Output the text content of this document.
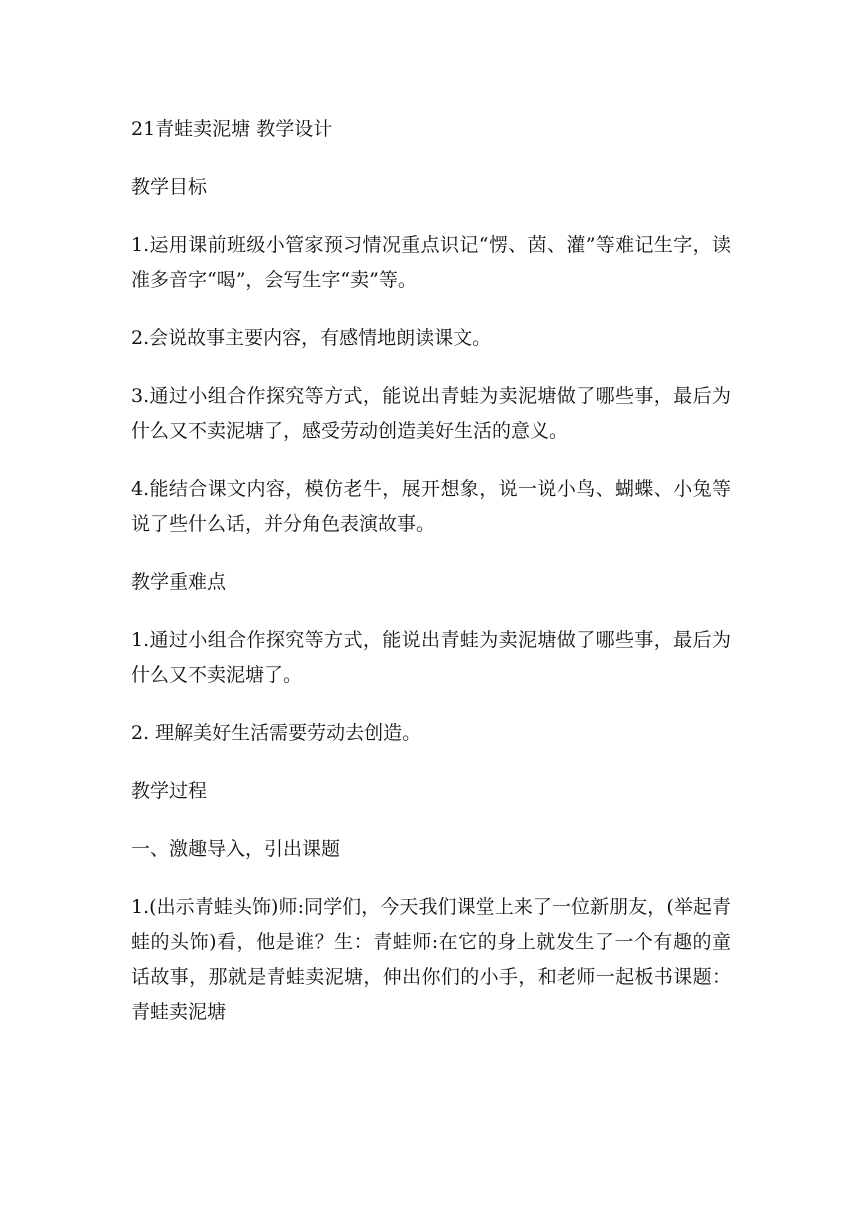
21青蛙卖泥塘 教学设计

教学目标

1.运用课前班级小管家预习情况重点识记“愣、茵、灌”等难记生字，读准多音字“喝”，会写生字“卖”等。

2.会说故事主要内容，有感情地朗读课文。

3.通过小组合作探究等方式，能说出青蛙为卖泥塘做了哪些事，最后为什么又不卖泥塘了，感受劳动创造美好生活的意义。

4.能结合课文内容，模仿老牛，展开想象，说一说小鸟、蝴蝶、小兔等说了些什么话，并分角色表演故事。

教学重难点

1.通过小组合作探究等方式，能说出青蛙为卖泥塘做了哪些事，最后为什么又不卖泥塘了。

2. 理解美好生活需要劳动去创造。

教学过程

一、激趣导入，引出课题

1.(出示青蛙头饰)师:同学们，今天我们课堂上来了一位新朋友，(举起青蛙的头饰)看，他是谁？生：青蛙师:在它的身上就发生了一个有趣的童话故事，那就是青蛙卖泥塘，伸出你们的小手，和老师一起板书课题：青蛙卖泥塘
